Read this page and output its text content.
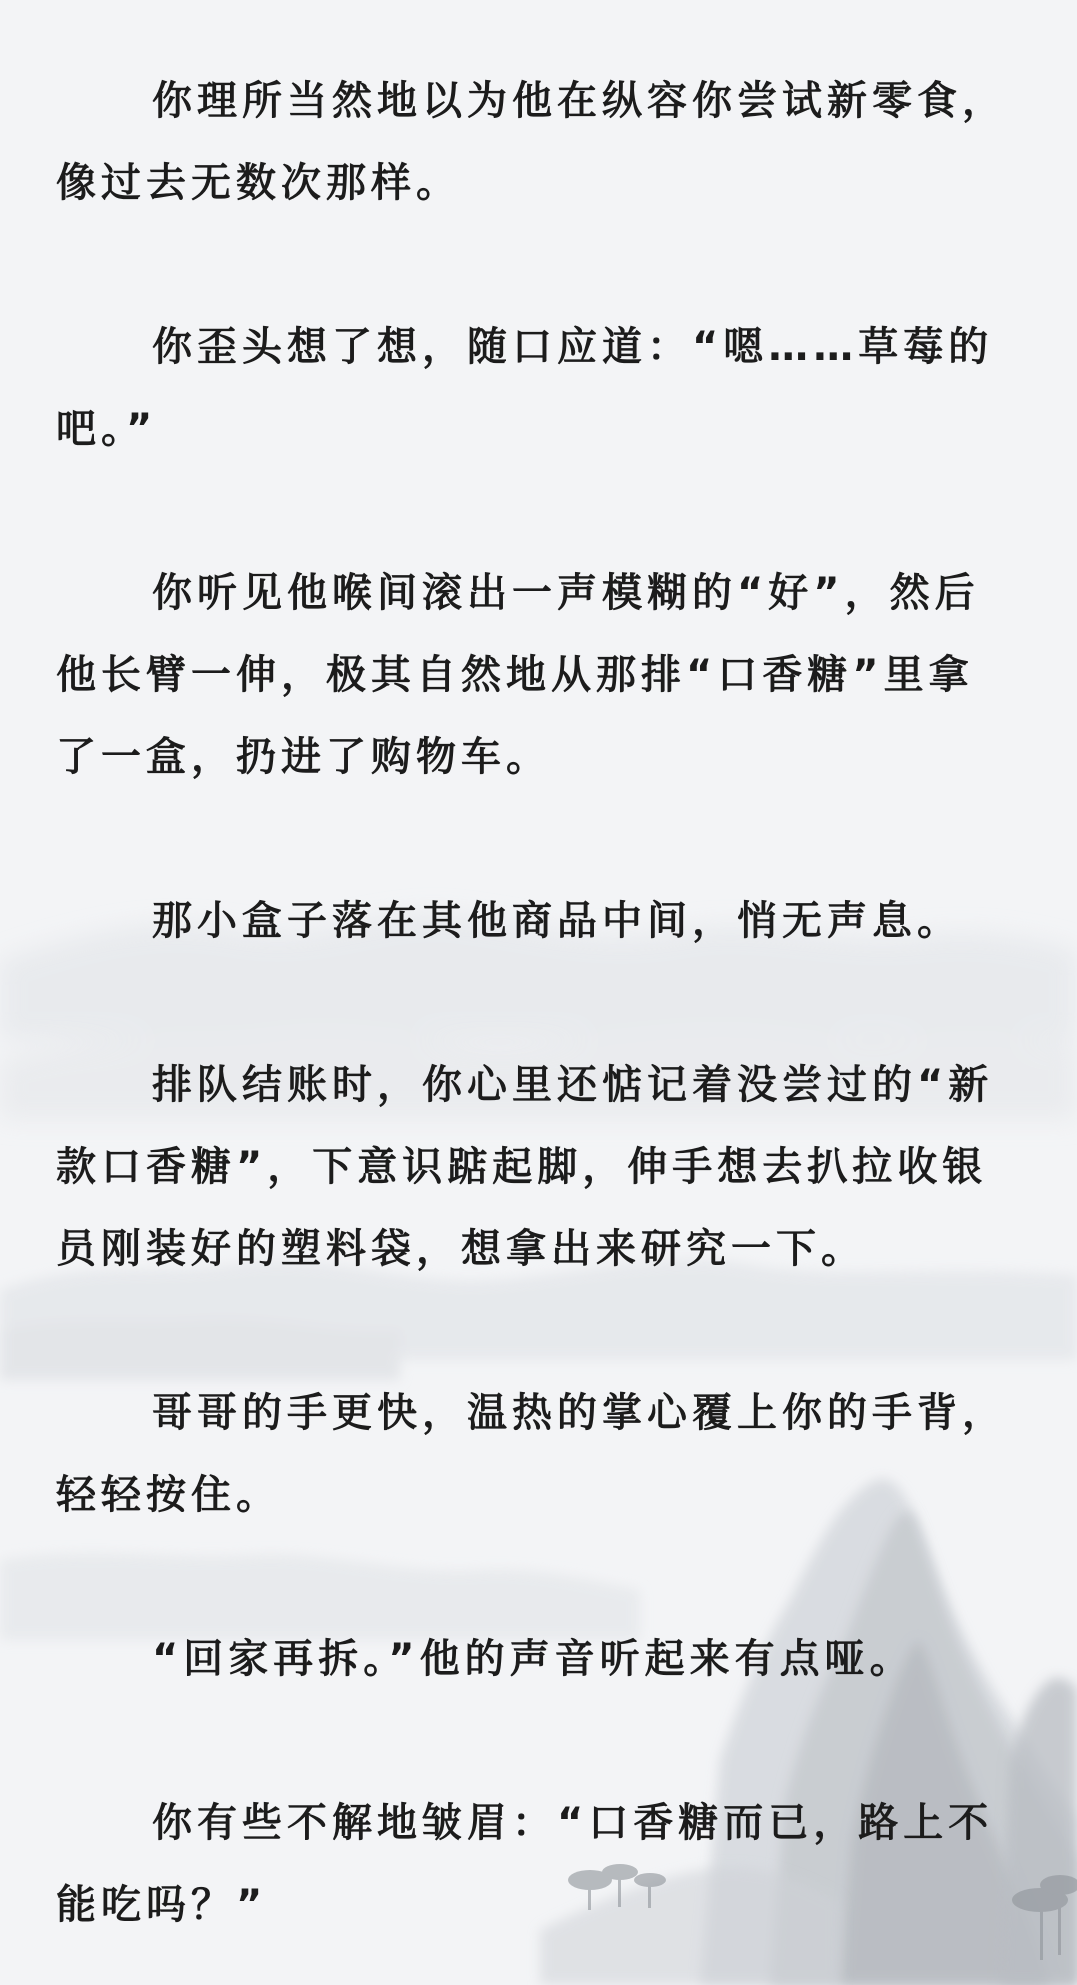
你理所当然地以为他在纵容你尝试新零食，像过去无数次那样。

你歪头想了想，随口应道：“嗯……草莓的吧。”

你听见他喉间滚出一声模糊的“好”，然后他长臂一伸，极其自然地从那排“口香糖”里拿了一盒，扔进了购物车。

那小盒子落在其他商品中间，悄无声息。

排队结账时，你心里还惦记着没尝过的“新款口香糖”，下意识踮起脚，伸手想去扒拉收银员刚装好的塑料袋，想拿出来研究一下。

哥哥的手更快，温热的掌心覆上你的手背，轻轻按住。

“回家再拆。”他的声音听起来有点哑。

你有些不解地皱眉：“口香糖而已，路上不能吃吗？”
